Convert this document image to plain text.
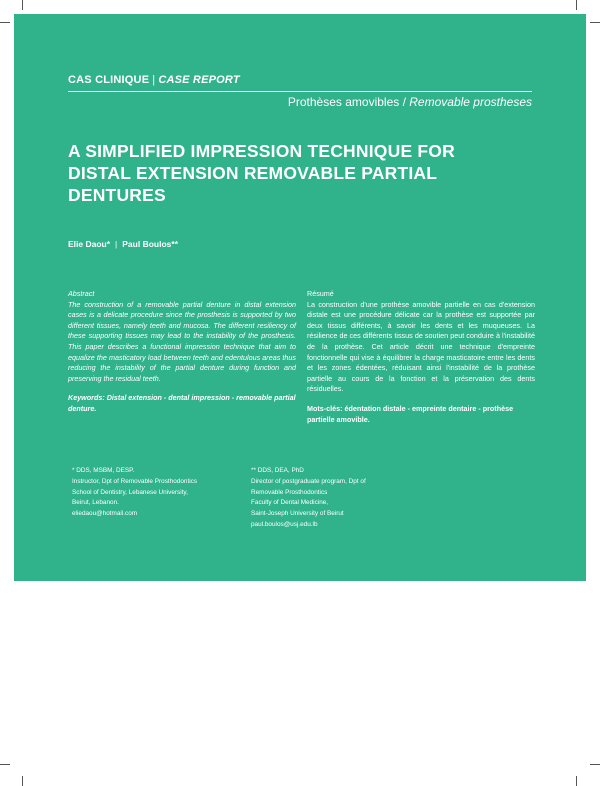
CAS CLINIQUE | CASE REPORT
Prothèses amovibles / Removable prostheses
A SIMPLIFIED IMPRESSION TECHNIQUE FOR DISTAL EXTENSION REMOVABLE PARTIAL DENTURES
Elie Daou* | Paul Boulos**
Abstract
The construction of a removable partial denture in distal extension cases is a delicate procedure since the prosthesis is supported by two different tissues, namely teeth and mucosa. The different resiliency of these supporting tissues may lead to the instability of the prosthesis. This paper describes a functional impression technique that aim to equalize the masticatory load between teeth and edentulous areas thus reducing the instability of the partial denture during function and preserving the residual teeth.
Keywords: Distal extension - dental impression - removable partial denture.
Résumé
La construction d'une prothèse amovible partielle en cas d'extension distale est une procédure délicate car la prothèse est supportée par deux tissus différents, à savoir les dents et les muqueuses. La résilience de ces différents tissus de soutien peut conduire à l'instabilité de la prothèse. Cet article décrit une technique d'empreinte fonctionnelle qui vise à équilibrer la charge masticatoire entre les dents et les zones édentées, réduisant ainsi l'instabilité de la prothèse partielle au cours de la fonction et la préservation des dents résiduelles.
Mots-clés: édentation distale - empreinte dentaire - prothèse partielle amovible.
* DDS, MSBM, DESP.
Instructor, Dpt of Removable Prosthodontics
School of Dentistry, Lebanese University,
Beirut, Lebanon.
eliedaou@hotmail.com
** DDS, DEA, PhD
Director of postgraduate program, Dpt of
Removable Prosthodontics
Faculty of Dental Medicine,
Saint-Joseph University of Beirut
paul.boulos@usj.edu.lb
